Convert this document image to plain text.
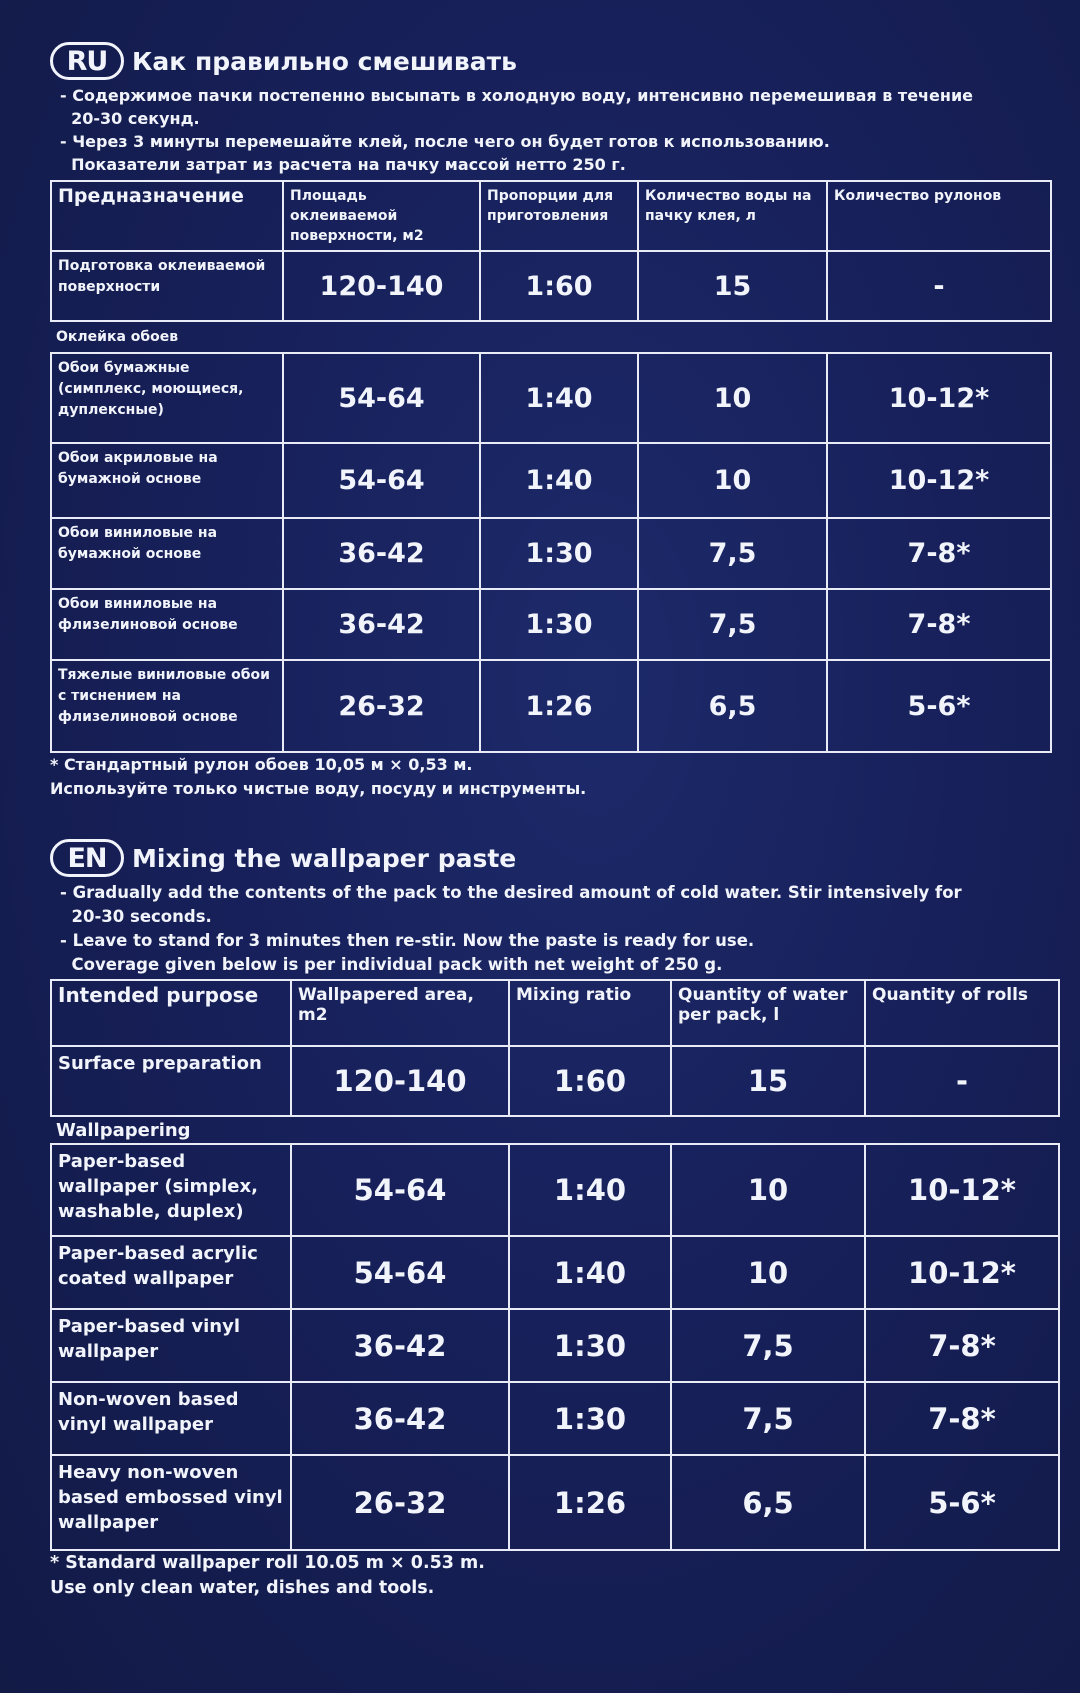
RU Как правильно смешивать
- Содержимое пачки постепенно высыпать в холодную воду, интенсивно перемешивая в течение
20-30 секунд.
- Через 3 минуты перемешайте клей, после чего он будет готов к использованию.
Показатели затрат из расчета на пачку массой нетто 250 г.
Предназначение	Площадь оклеиваемой поверхности, м2	Пропорции для приготовления	Количество воды на пачку клея, л	Количество рулонов
Подготовка оклеиваемой поверхности	120-140	1:60	15	-
Оклейка обоев
Обои бумажные (симплекс, моющиеся, дуплексные)	54-64	1:40	10	10-12*
Обои акриловые на бумажной основе	54-64	1:40	10	10-12*
Обои виниловые на бумажной основе	36-42	1:30	7,5	7-8*
Обои виниловые на флизелиновой основе	36-42	1:30	7,5	7-8*
Тяжелые виниловые обои с тиснением на флизелиновой основе	26-32	1:26	6,5	5-6*
* Стандартный рулон обоев 10,05 м × 0,53 м.
Используйте только чистые воду, посуду и инструменты.
EN	Mixing the wallpaper paste
- Gradually add the contents of the pack to the desired amount of cold water. Stir intensively for
20-30 seconds.
- Leave to stand for 3 minutes then re-stir. Now the paste is ready for use.
Coverage given below is per individual pack with net weight of 250 g.
Intended purpose	Wallpapered area, m2	Mixing ratio	Quantity of water per pack, l	Quantity of rolls
Surface preparation	120-140	1:60	15	-
Wallpapering
Paper-based wallpaper (simplex, washable, duplex)	54-64	1:40	10	10-12*
Paper-based acrylic coated wallpaper	54-64	1:40	10	10-12*
Paper-based vinyl wallpaper	36-42	1:30	7,5	7-8*
Non-woven based vinyl wallpaper	36-42	1:30	7,5	7-8*
Heavy non-woven based embossed vinyl wallpaper	26-32	1:26	6,5	5-6*
* Standard wallpaper roll 10.05 m × 0.53 m.
Use only clean water, dishes and tools.
